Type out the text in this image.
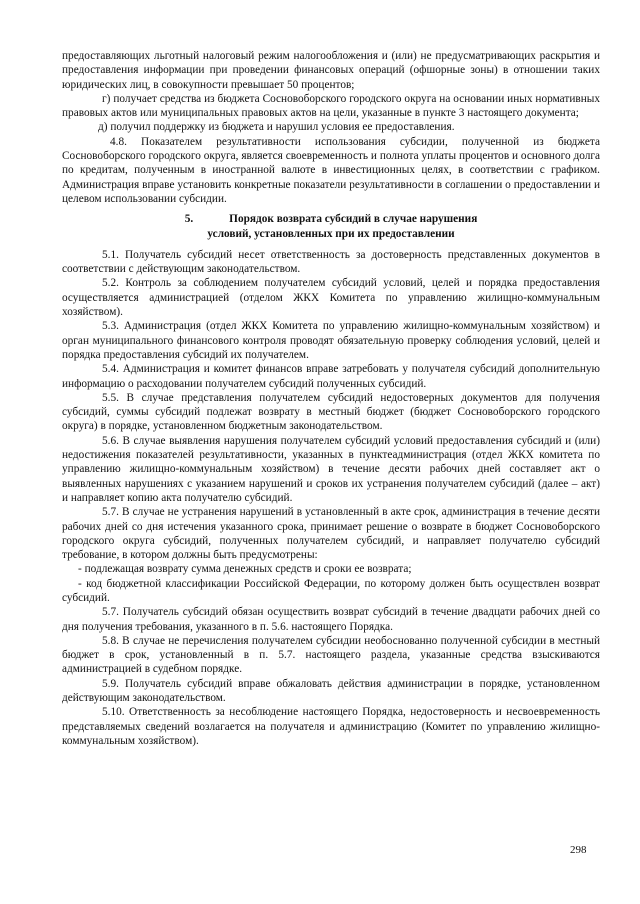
предоставляющих льготный налоговый режим налогообложения и (или) не предусматривающих раскрытия и предоставления информации при проведении финансовых операций (офшорные зоны) в отношении таких юридических лиц, в совокупности превышает 50 процентов;

г) получает средства из бюджета Сосновоборского городского округа на основании иных нормативных правовых актов или муниципальных правовых актов на цели, указанные в пункте 3 настоящего документа;

д) получил поддержку из бюджета и нарушил условия ее предоставления.

4.8. Показателем результативности использования субсидии, полученной из бюджета Сосновоборского городского округа, является своевременность и полнота уплаты процентов и основного долга по кредитам, полученным в иностранной валюте в инвестиционных целях, в соответствии с графиком. Администрация вправе установить конкретные показатели результативности в соглашении о предоставлении и целевом использовании субсидии.

5.	Порядок возврата субсидий в случае нарушения
условий, установленных при их предоставлении

5.1. Получатель субсидий несет ответственность за достоверность представленных документов в соответствии с действующим законодательством.

5.2. Контроль за соблюдением получателем субсидий условий, целей и порядка предоставления осуществляется администрацией (отделом ЖКХ Комитета по управлению жилищно-коммунальным хозяйством).

5.3. Администрация (отдел ЖКХ Комитета по управлению жилищно-коммунальным хозяйством) и орган муниципального финансового контроля проводят обязательную проверку соблюдения условий, целей и порядка предоставления субсидий их получателем.

5.4. Администрация и комитет финансов вправе затребовать у получателя субсидий дополнительную информацию о расходовании получателем субсидий полученных субсидий.

5.5. В случае представления получателем субсидий недостоверных документов для получения субсидий, суммы субсидий подлежат возврату в местный бюджет (бюджет Сосновоборского городского округа) в порядке, установленном бюджетным законодательством.

5.6. В случае выявления нарушения получателем субсидий условий предоставления субсидий и (или) недостижения показателей результативности, указанных в пунктеадминистрация (отдел ЖКХ комитета по управлению жилищно-коммунальным хозяйством) в течение десяти рабочих дней составляет акт о выявленных нарушениях с указанием нарушений и сроков их устранения получателем субсидий (далее – акт) и направляет копию акта получателю субсидий.

5.7. В случае не устранения нарушений в установленный в акте срок, администрация в течение десяти рабочих дней со дня истечения указанного срока, принимает решение о возврате в бюджет Сосновоборского городского округа субсидий, полученных получателем субсидий, и направляет получателю субсидий требование, в котором должны быть предусмотрены:

- подлежащая возврату сумма денежных средств и сроки ее возврата;

- код бюджетной классификации Российской Федерации, по которому должен быть осуществлен возврат субсидий.

5.7. Получатель субсидий обязан осуществить возврат субсидий в течение двадцати рабочих дней со дня получения требования, указанного в п. 5.6. настоящего Порядка.

5.8. В случае не перечисления получателем субсидии необоснованно полученной субсидии в местный бюджет в срок, установленный в п. 5.7. настоящего раздела, указанные средства взыскиваются администрацией в судебном порядке.

5.9. Получатель субсидий вправе обжаловать действия администрации в порядке, установленном действующим законодательством.

5.10. Ответственность за несоблюдение настоящего Порядка, недостоверность и несвоевременность представляемых сведений возлагается на получателя и администрацию (Комитет по управлению жилищно-коммунальным хозяйством).

298
